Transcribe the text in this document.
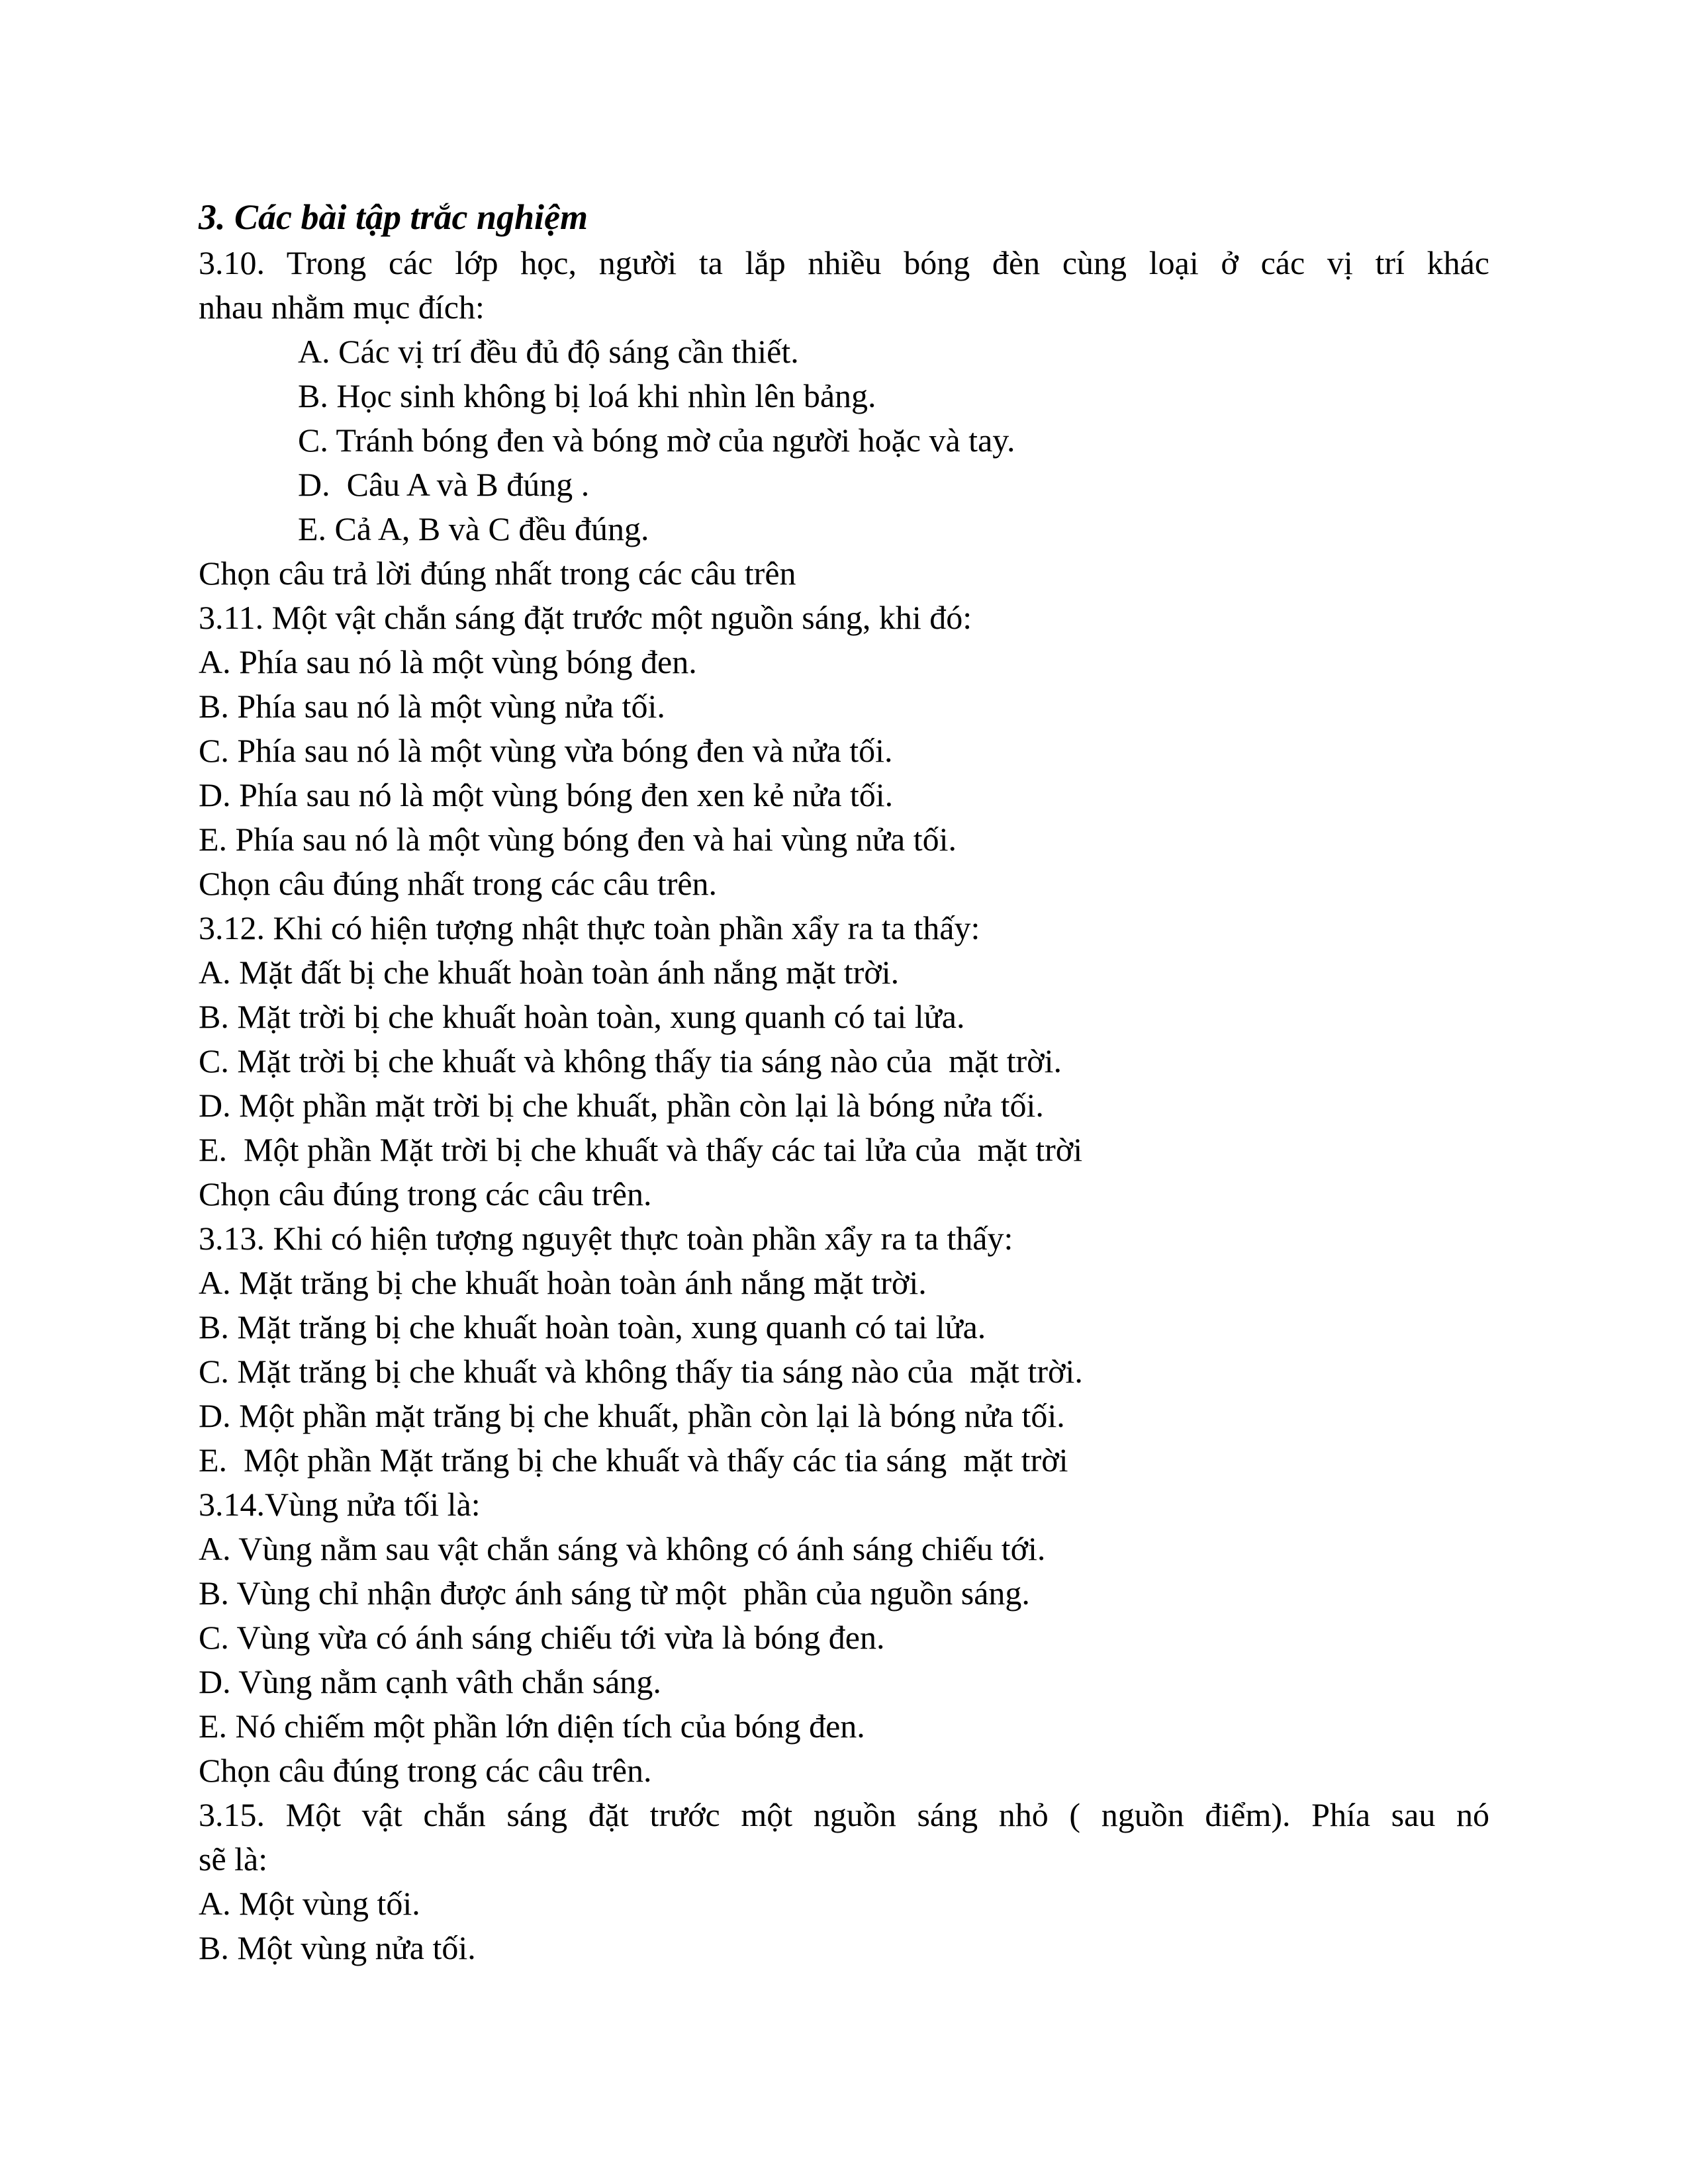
3. Các bài tập trắc nghiệm

3.10. Trong các lớp học, người ta lắp nhiều bóng đèn cùng loại ở các vị trí khác

nhau nhằm mục đích:

A. Các vị trí đều đủ độ sáng cần thiết.

B. Học sinh không bị loá khi nhìn lên bảng.

C. Tránh bóng đen và bóng mờ của người hoặc và tay.

D.  Câu A và B đúng .

E. Cả A, B và C đều đúng.

Chọn câu trả lời đúng nhất trong các câu trên

3.11. Một vật chắn sáng đặt trước một nguồn sáng, khi đó:

A. Phía sau nó là một vùng bóng đen.

B. Phía sau nó là một vùng nửa tối.

C. Phía sau nó là một vùng vừa bóng đen và nửa tối.

D. Phía sau nó là một vùng bóng đen xen kẻ nửa tối.

E. Phía sau nó là một vùng bóng đen và hai vùng nửa tối.

Chọn câu đúng nhất trong các câu trên.

3.12. Khi có hiện tượng nhật thực toàn phần xẩy ra ta thấy:

A. Mặt đất bị che khuất hoàn toàn ánh nắng mặt trời.

B. Mặt trời bị che khuất hoàn toàn, xung quanh có tai lửa.

C. Mặt trời bị che khuất và không thấy tia sáng nào của  mặt trời.

D. Một phần mặt trời bị che khuất, phần còn lại là bóng nửa tối.

E.  Một phần Mặt trời bị che khuất và thấy các tai lửa của  mặt trời

Chọn câu đúng trong các câu trên.

3.13. Khi có hiện tượng nguyệt thực toàn phần xẩy ra ta thấy:

A. Mặt trăng bị che khuất hoàn toàn ánh nắng mặt trời.

B. Mặt trăng bị che khuất hoàn toàn, xung quanh có tai lửa.

C. Mặt trăng bị che khuất và không thấy tia sáng nào của  mặt trời.

D. Một phần mặt trăng bị che khuất, phần còn lại là bóng nửa tối.

E.  Một phần Mặt trăng bị che khuất và thấy các tia sáng  mặt trời

3.14.Vùng nửa tối là:

A. Vùng nằm sau vật chắn sáng và không có ánh sáng chiếu tới.

B. Vùng chỉ nhận được ánh sáng từ một  phần của nguồn sáng.

C. Vùng vừa có ánh sáng chiếu tới vừa là bóng đen.

D. Vùng nằm cạnh vâth chắn sáng.

E. Nó chiếm một phần lớn diện tích của bóng đen.

Chọn câu đúng trong các câu trên.

3.15. Một vật chắn sáng đặt trước một nguồn sáng nhỏ ( nguồn điểm). Phía sau nó

sẽ là:

A. Một vùng tối.

B. Một vùng nửa tối.
